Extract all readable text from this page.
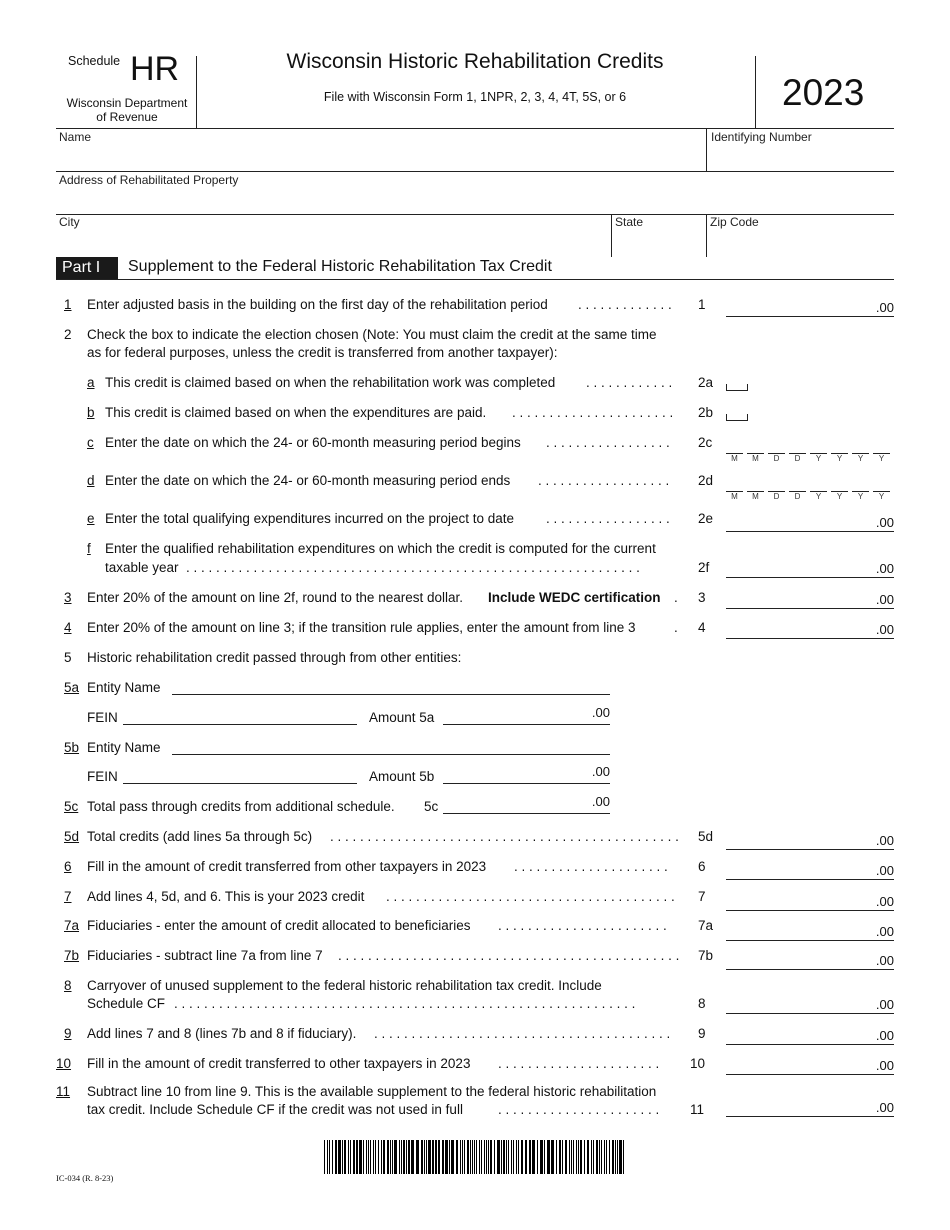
Schedule HR
Wisconsin Department
of Revenue
Wisconsin Historic Rehabilitation Credits
File with Wisconsin Form 1, 1NPR, 2, 3, 4, 4T, 5S, or 6	2023
Name	Identifying Number
Address of Rehabilitated Property
City	State	Zip Code
Part I	Supplement to the Federal Historic Rehabilitation Tax Credit
1 Enter adjusted basis in the building on the first day of the rehabilitation period . . . . . . . . . . . . . 1	.00
2 Check the box to indicate the election chosen (Note: You must claim the credit at the same time
as for federal purposes, unless the credit is transferred from another taxpayer):
a This credit is claimed based on when the rehabilitation work was completed . . . . . . . . . . . . 2a
b This credit is claimed based on when the expenditures are paid. . . . . . . . . . . . . . . . . . . . . . . 2b
c Enter the date on which the 24- or 60-month measuring period begins . . . . . . . . . . . . . . . . . 2c
M	M	D	D	Y	Y	Y	Y
d Enter the date on which the 24- or 60-month measuring period ends . . . . . . . . . . . . . . . . . . 2d
M	M	D	D	Y	Y	Y	Y
e Enter the total qualifying expenditures incurred on the project to date . . . . . . . . . . . . . . . . . 2e	.00
f Enter the qualified rehabilitation expenditures on which the credit is computed for the current
taxable year . . . . . . . . . . . . . . . . . . . . . . . . . . . . . . . . . . . . . . . . . . . . . . . . . . . . . . . . . . . . .	2f	.00
3 Enter 20% of the amount on line 2f, round to the nearest dollar. Include WEDC certification . 3	.00
4 Enter 20% of the amount on line 3; if the transition rule applies, enter the amount from line 3	. 4	.00
5 Historic rehabilitation credit passed through from other entities:
5a Entity Name
FEIN	Amount 5a	.00
5b Entity Name
FEIN	Amount 5b	.00
5c Total pass through credits from additional schedule. 5c	.00
5d Total credits (add lines 5a through 5c) . . . . . . . . . . . . . . . . . . . . . . . . . . . . . . . . . . . . . . . . . . . . . . . 5d	.00
6 Fill in the amount of credit transferred from other taxpayers in 2023 . . . . . . . . . . . . . . . . . . . . . 6	.00
7 Add lines 4, 5d, and 6. This is your 2023 credit . . . . . . . . . . . . . . . . . . . . . . . . . . . . . . . . . . . . . . . 7	.00
7a Fiduciaries - enter the amount of credit allocated to beneficiaries . . . . . . . . . . . . . . . . . . . . . . . 7a	.00
7b Fiduciaries - subtract line 7a from line 7 . . . . . . . . . . . . . . . . . . . . . . . . . . . . . . . . . . . . . . . . . . . . . . 7b	.00
8 Carryover of unused supplement to the federal historic rehabilitation tax credit. Include
Schedule CF . . . . . . . . . . . . . . . . . . . . . . . . . . . . . . . . . . . . . . . . . . . . . . . . . . . . . . . . . . . . . .	8	.00
9 Add lines 7 and 8 (lines 7b and 8 if fiduciary). . . . . . . . . . . . . . . . . . . . . . . . . . . . . . . . . . . . . . . . . 9	.00
10 Fill in the amount of credit transferred to other taxpayers in 2023 . . . . . . . . . . . . . . . . . . . . . . 10	.00
11 Subtract line 10 from line 9. This is the available supplement to the federal historic rehabilitation
tax credit. Include Schedule CF if the credit was not used in full	. . . . . . . . . . . . . . . . . . . . . . 11	.00
IC-034 (R. 8-23)
